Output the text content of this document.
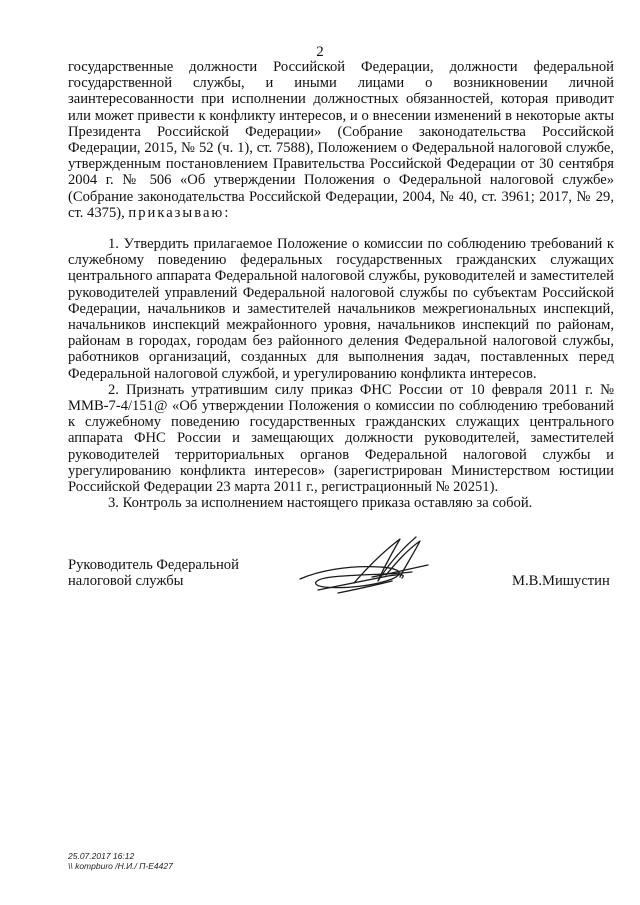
2

государственные должности Российской Федерации, должности федеральной государственной службы, и иными лицами о возникновении личной заинтересованности при исполнении должностных обязанностей, которая приводит или может привести к конфликту интересов, и о внесении изменений в некоторые акты Президента Российской Федерации» (Собрание законодательства Российской Федерации, 2015, № 52 (ч. 1), ст. 7588), Положением о Федеральной налоговой службе, утвержденным постановлением Правительства Российской Федерации от 30 сентября 2004 г. № 506 «Об утверждении Положения о Федеральной налоговой службе» (Собрание законодательства Российской Федерации, 2004, № 40, ст. 3961; 2017, № 29, ст. 4375), приказываю:

1. Утвердить прилагаемое Положение о комиссии по соблюдению требований к служебному поведению федеральных государственных гражданских служащих центрального аппарата Федеральной налоговой службы, руководителей и заместителей руководителей управлений Федеральной налоговой службы по субъектам Российской Федерации, начальников и заместителей начальников межрегиональных инспекций, начальников инспекций межрайонного уровня, начальников инспекций по районам, районам в городах, городам без районного деления Федеральной налоговой службы, работников организаций, созданных для выполнения задач, поставленных перед Федеральной налоговой службой, и урегулированию конфликта интересов.

2. Признать утратившим силу приказ ФНС России от 10 февраля 2011 г. № ММВ-7-4/151@ «Об утверждении Положения о комиссии по соблюдению требований к служебному поведению государственных гражданских служащих центрального аппарата ФНС России и замещающих должности руководителей, заместителей руководителей территориальных органов Федеральной налоговой службы и урегулированию конфликта интересов» (зарегистрирован Министерством юстиции Российской Федерации 23 марта 2011 г., регистрационный № 20251).

3. Контроль за исполнением настоящего приказа оставляю за собой.

Руководитель Федеральной
налоговой службы	М.В.Мишустин
25.07.2017 16:12
\\ kompburo /Н.И./ П-Е4427
